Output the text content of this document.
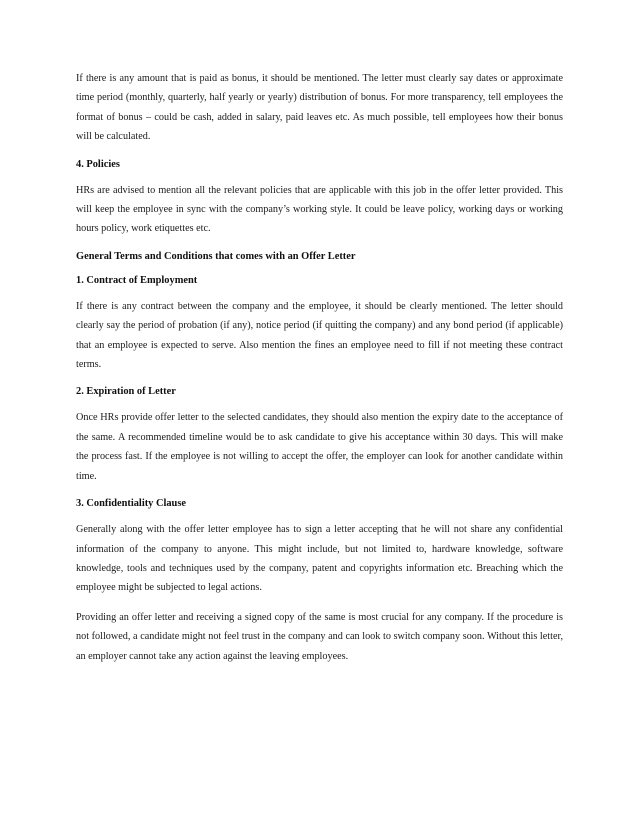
If there is any amount that is paid as bonus, it should be mentioned. The letter must clearly say dates or approximate time period (monthly, quarterly, half yearly or yearly) distribution of bonus. For more transparency, tell employees the format of bonus – could be cash, added in salary, paid leaves etc. As much possible, tell employees how their bonus will be calculated.

4. Policies

HRs are advised to mention all the relevant policies that are applicable with this job in the offer letter provided. This will keep the employee in sync with the company’s working style. It could be leave policy, working days or working hours policy, work etiquettes etc.

General Terms and Conditions that comes with an Offer Letter
1. Contract of Employment

If there is any contract between the company and the employee, it should be clearly mentioned. The letter should clearly say the period of probation (if any), notice period (if quitting the company) and any bond period (if applicable) that an employee is expected to serve. Also mention the fines an employee need to fill if not meeting these contract terms.

2. Expiration of Letter

Once HRs provide offer letter to the selected candidates, they should also mention the expiry date to the acceptance of the same. A recommended timeline would be to ask candidate to give his acceptance within 30 days. This will make the process fast. If the employee is not willing to accept the offer, the employer can look for another candidate within time.

3. Confidentiality Clause

Generally along with the offer letter employee has to sign a letter accepting that he will not share any confidential information of the company to anyone. This might include, but not limited to, hardware knowledge, software knowledge, tools and techniques used by the company, patent and copyrights information etc. Breaching which the employee might be subjected to legal actions.

Providing an offer letter and receiving a signed copy of the same is most crucial for any company. If the procedure is not followed, a candidate might not feel trust in the company and can look to switch company soon. Without this letter, an employer cannot take any action against the leaving employees.
